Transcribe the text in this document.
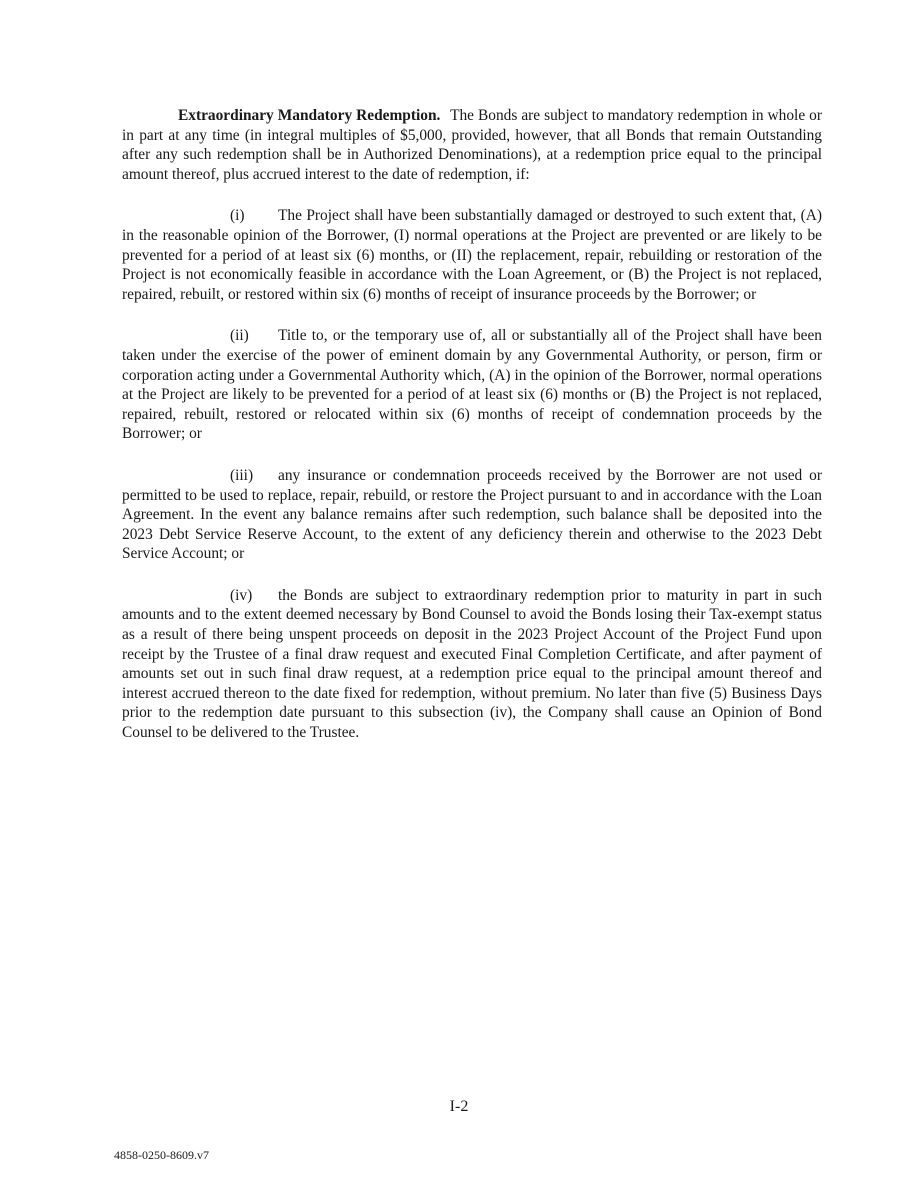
Extraordinary Mandatory Redemption. The Bonds are subject to mandatory redemption in whole or in part at any time (in integral multiples of $5,000, provided, however, that all Bonds that remain Outstanding after any such redemption shall be in Authorized Denominations), at a redemption price equal to the principal amount thereof, plus accrued interest to the date of redemption, if:

(i) The Project shall have been substantially damaged or destroyed to such extent that, (A) in the reasonable opinion of the Borrower, (I) normal operations at the Project are prevented or are likely to be prevented for a period of at least six (6) months, or (II) the replacement, repair, rebuilding or restoration of the Project is not economically feasible in accordance with the Loan Agreement, or (B) the Project is not replaced, repaired, rebuilt, or restored within six (6) months of receipt of insurance proceeds by the Borrower; or

(ii) Title to, or the temporary use of, all or substantially all of the Project shall have been taken under the exercise of the power of eminent domain by any Governmental Authority, or person, firm or corporation acting under a Governmental Authority which, (A) in the opinion of the Borrower, normal operations at the Project are likely to be prevented for a period of at least six (6) months or (B) the Project is not replaced, repaired, rebuilt, restored or relocated within six (6) months of receipt of condemnation proceeds by the Borrower; or

(iii) any insurance or condemnation proceeds received by the Borrower are not used or permitted to be used to replace, repair, rebuild, or restore the Project pursuant to and in accordance with the Loan Agreement. In the event any balance remains after such redemption, such balance shall be deposited into the 2023 Debt Service Reserve Account, to the extent of any deficiency therein and otherwise to the 2023 Debt Service Account; or

(iv) the Bonds are subject to extraordinary redemption prior to maturity in part in such amounts and to the extent deemed necessary by Bond Counsel to avoid the Bonds losing their Tax-exempt status as a result of there being unspent proceeds on deposit in the 2023 Project Account of the Project Fund upon receipt by the Trustee of a final draw request and executed Final Completion Certificate, and after payment of amounts set out in such final draw request, at a redemption price equal to the principal amount thereof and interest accrued thereon to the date fixed for redemption, without premium. No later than five (5) Business Days prior to the redemption date pursuant to this subsection (iv), the Company shall cause an Opinion of Bond Counsel to be delivered to the Trustee.

I-2
4858-0250-8609.v7
